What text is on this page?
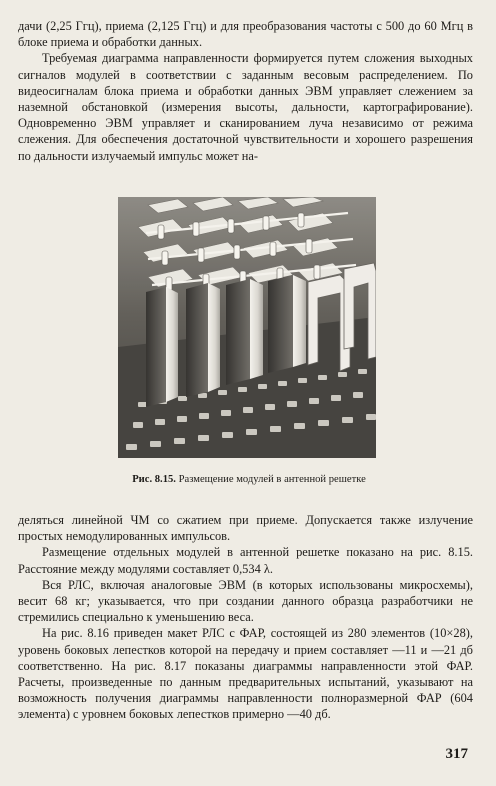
дачи (2,25 Ггц), приема (2,125 Ггц) и для преобразования частоты с 500 до 60 Мгц в блоке приема и обработки данных.

Требуемая диаграмма направленности формируется путем сложения выходных сигналов модулей в соответствии с заданным весовым распределением. По видеосигналам блока приема и обработки данных ЭВМ управляет слежением за наземной обстановкой (измерения высоты, дальности, картографирование). Одновременно ЭВМ управляет и сканированием луча независимо от режима слежения. Для обеспечения достаточной чувствительности и хорошего разрешения по дальности излучаемый импульс может на-

Рис. 8.15. Размещение модулей в антенной решетке

деляться линейной ЧМ со сжатием при приеме. Допускается также излучение простых немодулированных импульсов.

Размещение отдельных модулей в антенной решетке показано на рис. 8.15. Расстояние между модулями составляет 0,534 λ.

Вся РЛС, включая аналоговые ЭВМ (в которых использованы микросхемы), весит 68 кг; указывается, что при создании данного образца разработчики не стремились специально к уменьшению веса.

На рис. 8.16 приведен макет РЛС с ФАР, состоящей из 280 элементов (10×28), уровень боковых лепестков которой на передачу и прием составляет —11 и —21 дб соответственно. На рис. 8.17 показаны диаграммы направленности этой ФАР. Расчеты, произведенные по данным предварительных испытаний, указывают на возможность получения диаграммы направленности полноразмерной ФАР (604 элемента) с уровнем боковых лепестков примерно —40 дб.

317
